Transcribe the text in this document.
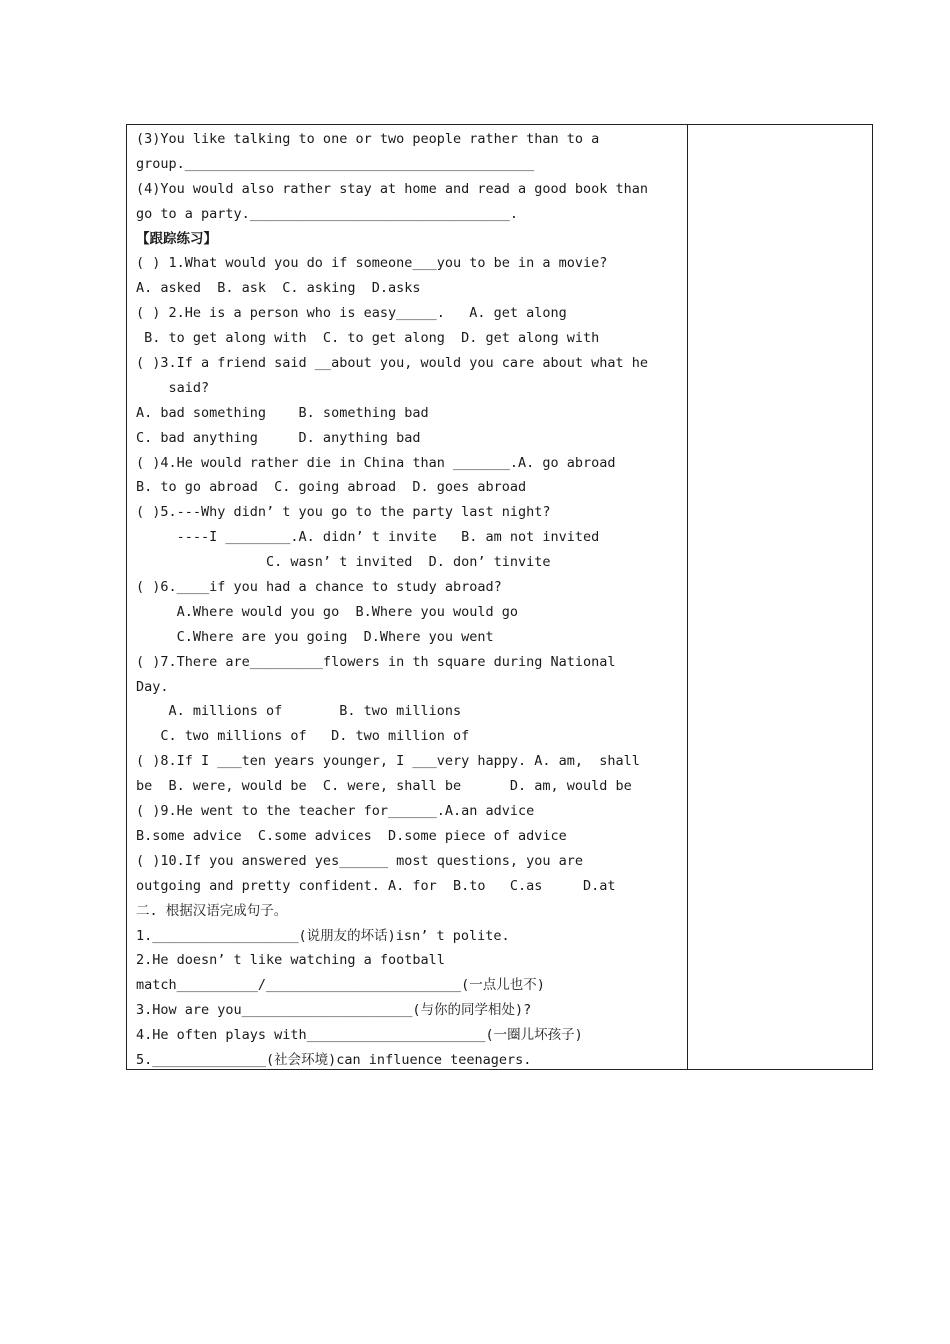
(3)You like talking to one or two people rather than to a
group.___________________________________________
(4)You would also rather stay at home and read a good book than
go to a party.________________________________.
【跟踪练习】
( ) 1.What would you do if someone___you to be in a movie?
A. asked  B. ask  C. asking  D.asks
( ) 2.He is a person who is easy_____.   A. get along
B. to get along with  C. to get along  D. get along with
( )3.If a friend said __about you, would you care about what he
said?
A. bad something    B. something bad
C. bad anything     D. anything bad
( )4.He would rather die in China than _______.A. go abroad
B. to go abroad  C. going abroad  D. goes abroad
( )5.---Why didn’ t you go to the party last night?
----I ________.A. didn’ t invite   B. am not invited
C. wasn’ t invited  D. don’ tinvite
( )6.____if you had a chance to study abroad?
A.Where would you go  B.Where you would go
C.Where are you going  D.Where you went
( )7.There are_________flowers in th square during National
Day.
A. millions of       B. two millions
C. two millions of   D. two million of
( )8.If I ___ten years younger, I ___very happy. A. am,  shall
be  B. were, would be  C. were, shall be      D. am, would be
( )9.He went to the teacher for______.A.an advice
B.some advice  C.some advices  D.some piece of advice
( )10.If you answered yes______ most questions, you are
outgoing and pretty confident. A. for  B.to   C.as     D.at
二. 根据汉语完成句子。
1.__________________(说朋友的坏话)isn’ t polite.
2.He doesn’ t like watching a football
match__________/________________________(一点儿也不)
3.How are you_____________________(与你的同学相处)?
4.He often plays with______________________(一圈儿坏孩子)
5.______________(社会环境)can influence teenagers.
